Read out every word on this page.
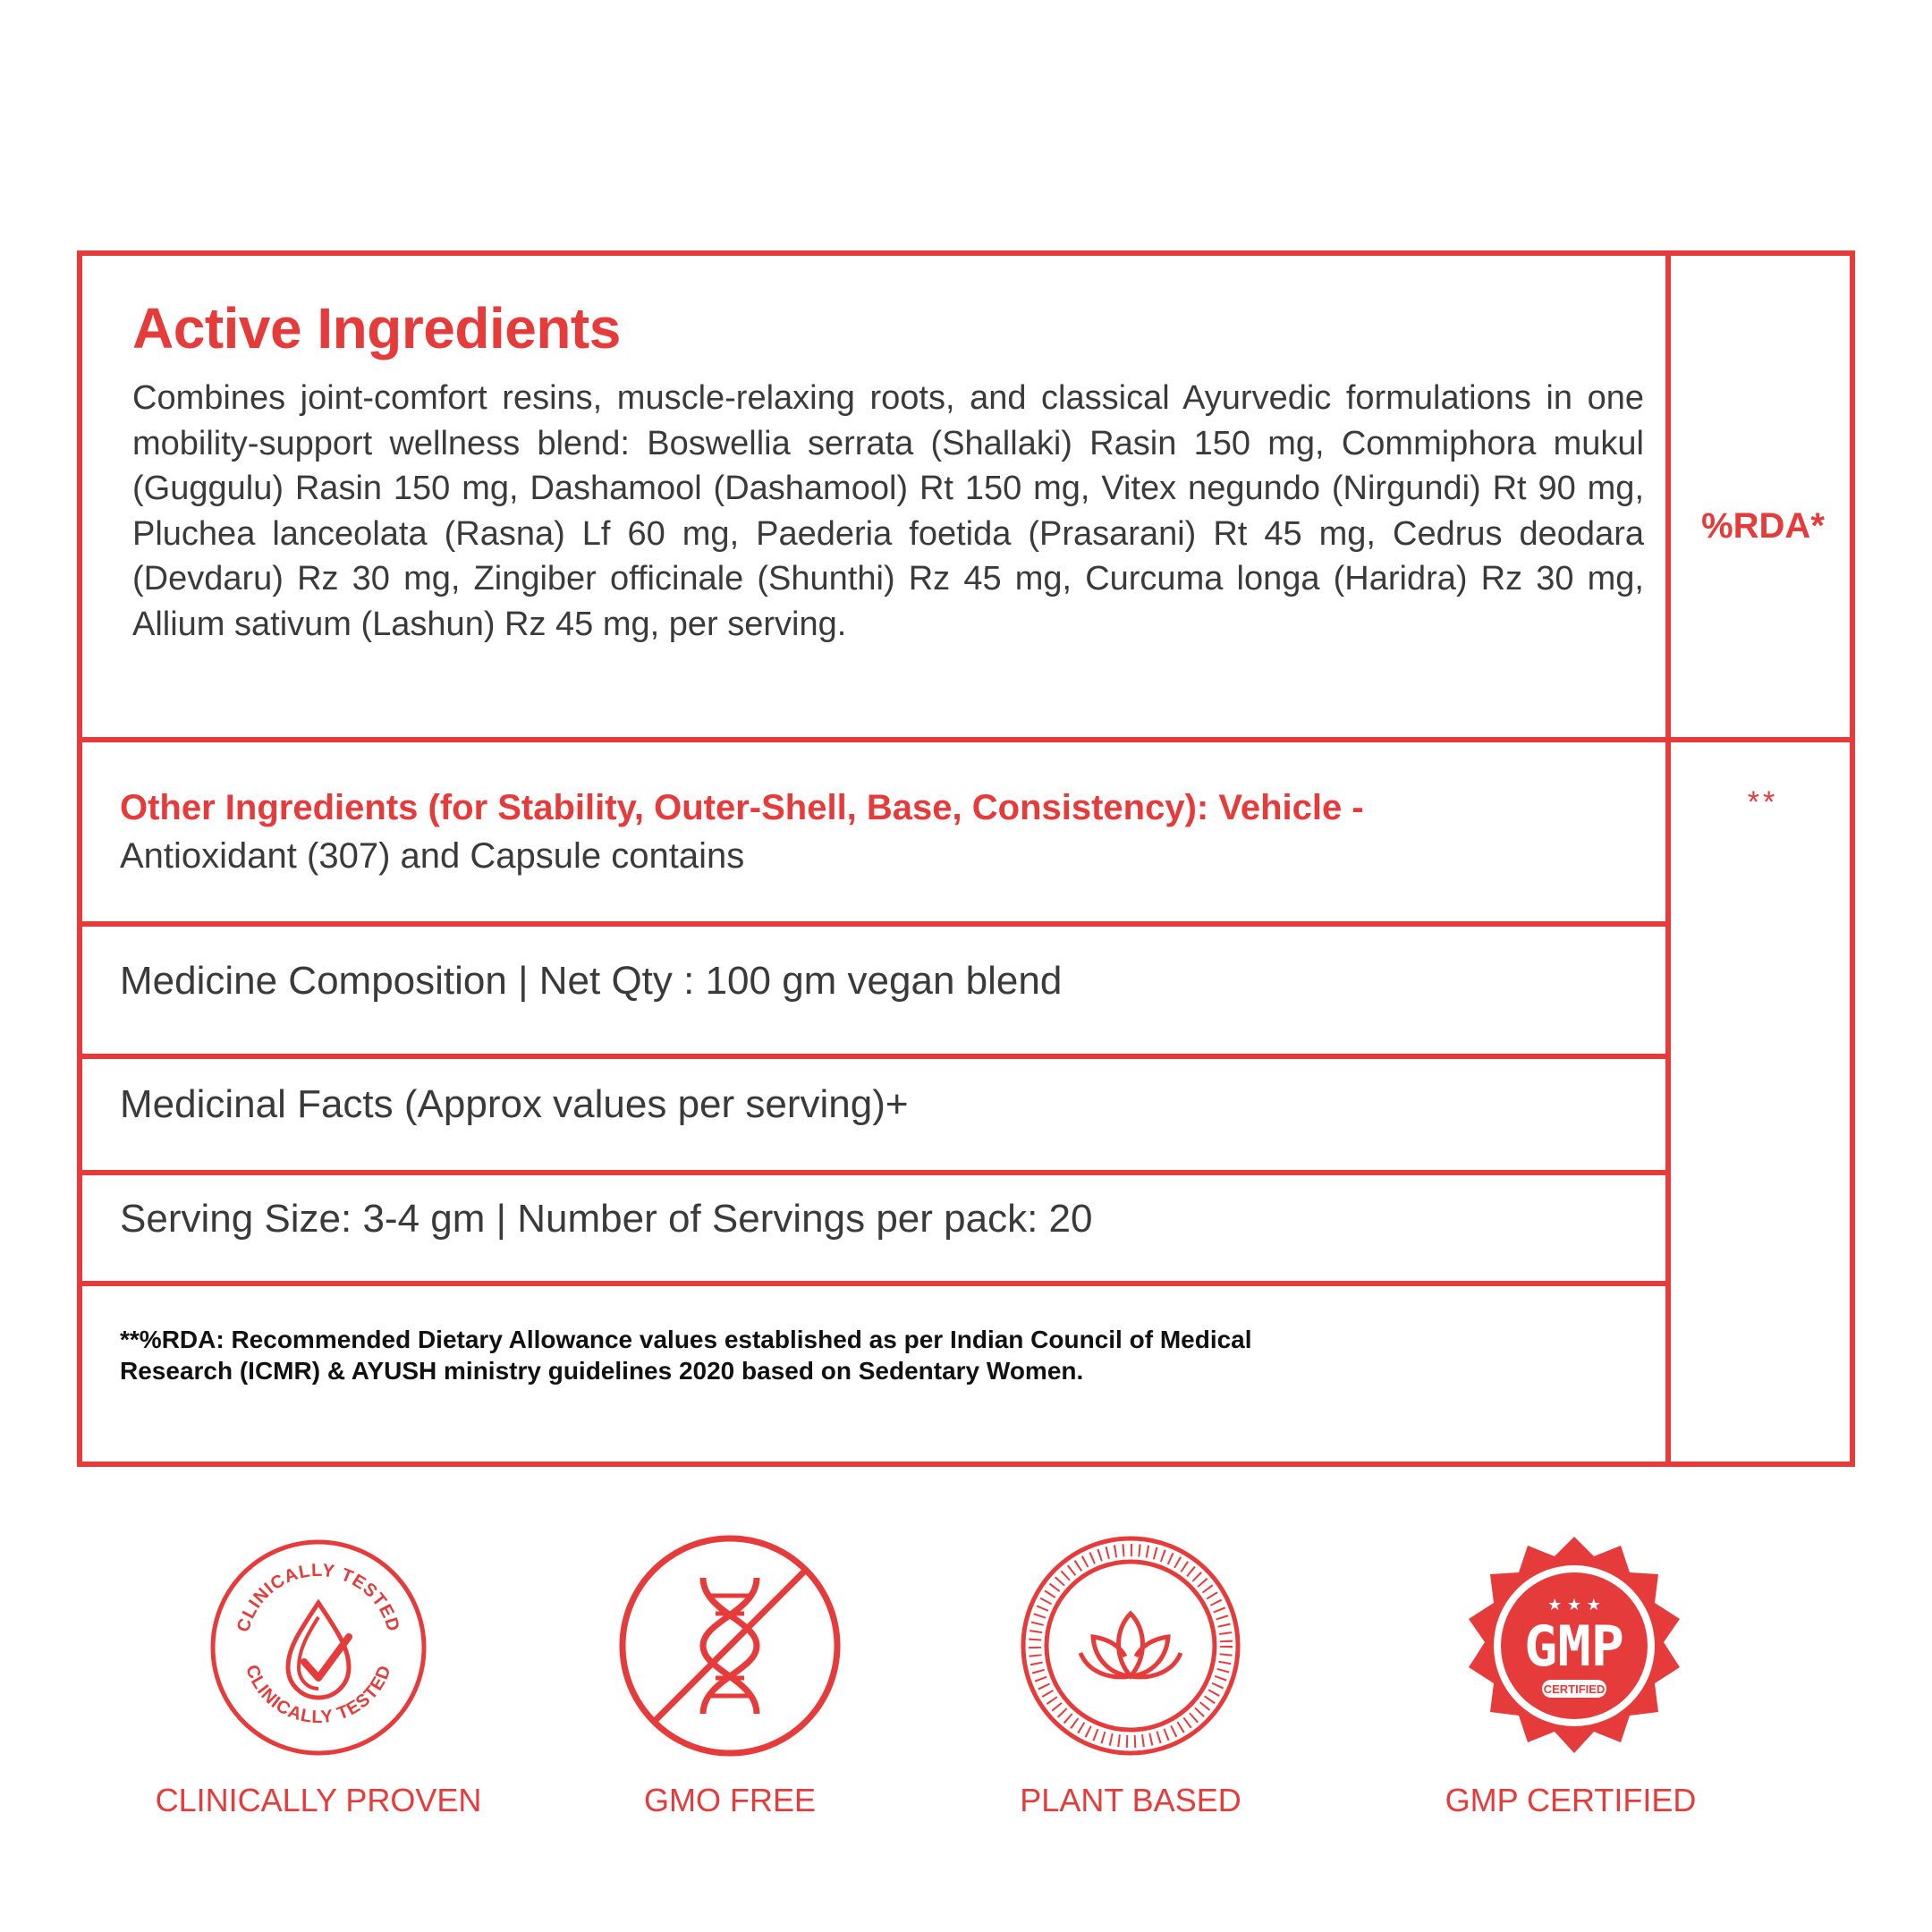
Active Ingredients
Combines joint-comfort resins, muscle-relaxing roots, and classical Ayurvedic formulations in one mobility-support wellness blend: Boswellia serrata (Shallaki) Rasin 150 mg, Commiphora mukul (Guggulu) Rasin 150 mg, Dashamool (Dashamool) Rt 150 mg, Vitex negundo (Nirgundi) Rt 90 mg, Pluchea lanceolata (Rasna) Lf 60 mg, Paederia foetida (Prasarani) Rt 45 mg, Cedrus deodara (Devdaru) Rz 30 mg, Zingiber officinale (Shunthi) Rz 45 mg, Curcuma longa (Haridra) Rz 30 mg, Allium sativum (Lashun) Rz 45 mg, per serving.
%RDA*
**
Other Ingredients (for Stability, Outer-Shell, Base, Consistency): Vehicle -
Antioxidant (307) and Capsule contains
Medicine Composition | Net Qty : 100 gm vegan blend
Medicinal Facts (Approx values per serving)+
Serving Size: 3-4 gm | Number of Servings per pack: 20
**%RDA: Recommended Dietary Allowance values established as per Indian Council of Medical
Research (ICMR) & AYUSH ministry guidelines 2020 based on Sedentary Women.
CLINICALLY TESTED
CLINICALLY TESTED
CLINICALLY PROVEN	GMO FREE	PLANT BASED
★ ★ ★
GMP
CERTIFIED
GMP CERTIFIED
